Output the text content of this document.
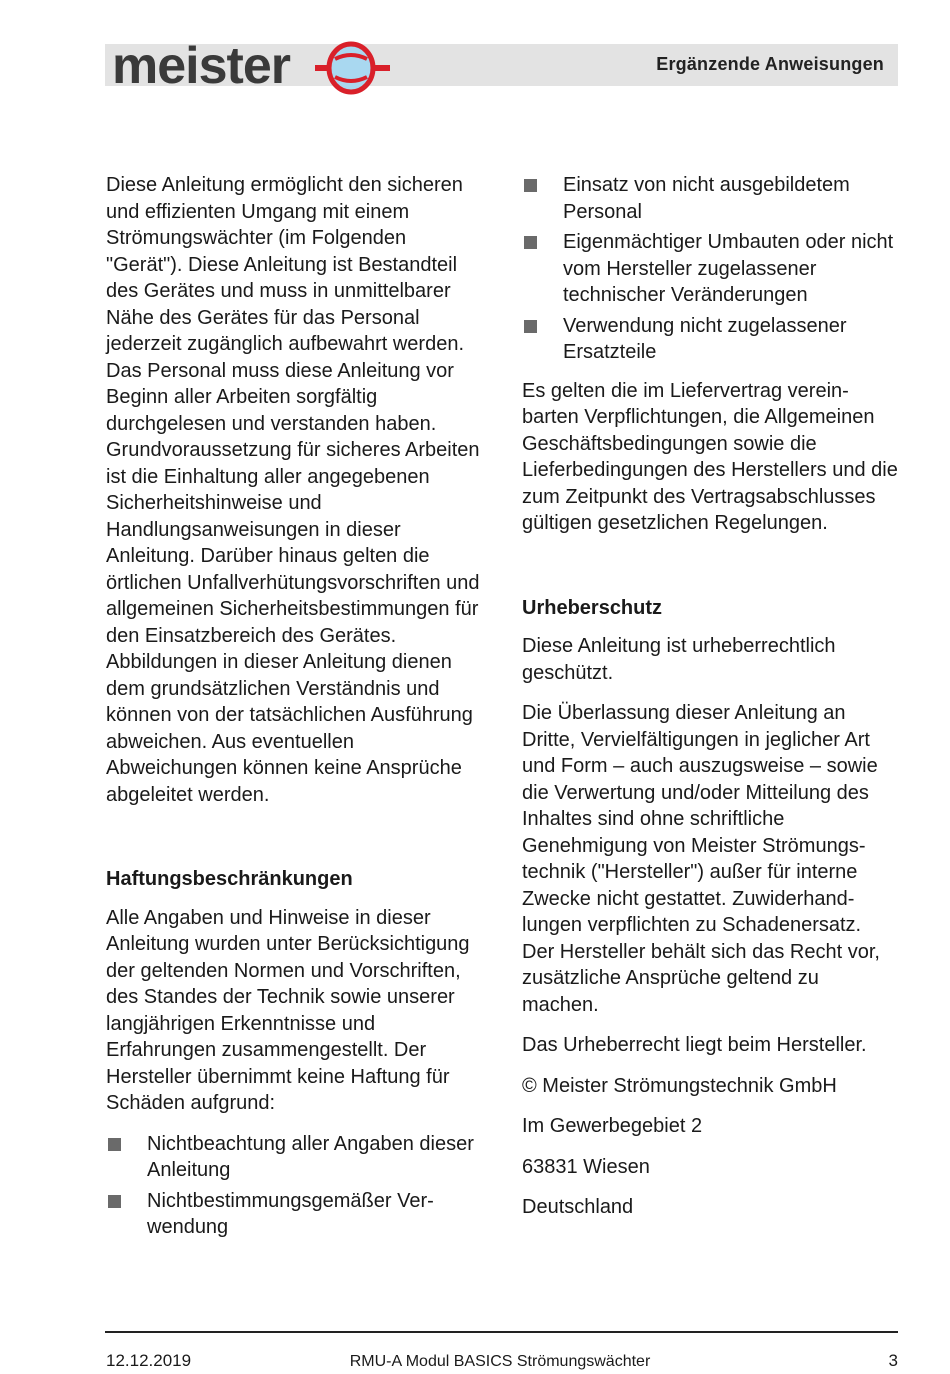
meister	Ergänzende Anweisungen

Diese Anleitung ermöglicht den sicheren und effizienten Umgang mit einem Strömungswächter (im Folgenden "Gerät"). Diese Anleitung ist Bestandteil des Gerätes und muss in unmittelbarer Nähe des Gerätes für das Personal jederzeit zugänglich aufbewahrt werden. Das Personal muss diese Anleitung vor Beginn aller Arbeiten sorgfältig durchgelesen und verstanden haben. Grundvoraussetzung für sicheres Arbeiten ist die Einhaltung aller angegebenen Sicherheitshinweise und Handlungsanweisungen in dieser Anleitung. Darüber hinaus gelten die örtlichen Unfallverhütungsvorschriften und allgemeinen Sicherheitsbestimmungen für den Einsatzbereich des Gerätes. Abbildungen in dieser Anleitung dienen dem grundsätzlichen Verständnis und können von der tatsächlichen Ausführung abweichen. Aus eventuellen Abweichungen können keine Ansprüche abgeleitet werden.

Haftungsbeschränkungen

Alle Angaben und Hinweise in dieser Anleitung wurden unter Berücksichtigung der geltenden Normen und Vorschriften, des Standes der Technik sowie unserer langjährigen Erkenntnisse und Erfahrungen zusammengestellt. Der Hersteller übernimmt keine Haftung für Schäden aufgrund:

Nichtbeachtung aller Angaben dieser Anleitung
Nichtbestimmungsgemäßer Verwendung
Einsatz von nicht ausgebildetem Personal
Eigenmächtiger Umbauten oder nicht vom Hersteller zugelassener technischer Veränderungen
Verwendung nicht zugelassener Ersatzteile

Es gelten die im Liefervertrag vereinbarten Verpflichtungen, die Allgemeinen Geschäftsbedingungen sowie die Lieferbedingungen des Herstellers und die zum Zeitpunkt des Vertragsabschlusses gültigen gesetzlichen Regelungen.

Urheberschutz

Diese Anleitung ist urheberrechtlich geschützt.

Die Überlassung dieser Anleitung an Dritte, Vervielfältigungen in jeglicher Art und Form – auch auszugsweise – sowie die Verwertung und/oder Mitteilung des Inhaltes sind ohne schriftliche Genehmigung von Meister Strömungstechnik ("Hersteller") außer für interne Zwecke nicht gestattet. Zuwiderhandlungen verpflichten zu Schadenersatz. Der Hersteller behält sich das Recht vor, zusätzliche Ansprüche geltend zu machen.

Das Urheberrecht liegt beim Hersteller.

© Meister Strömungstechnik GmbH

Im Gewerbegebiet 2

63831 Wiesen

Deutschland

12.12.2019	RMU-A Modul BASICS Strömungswächter	3
